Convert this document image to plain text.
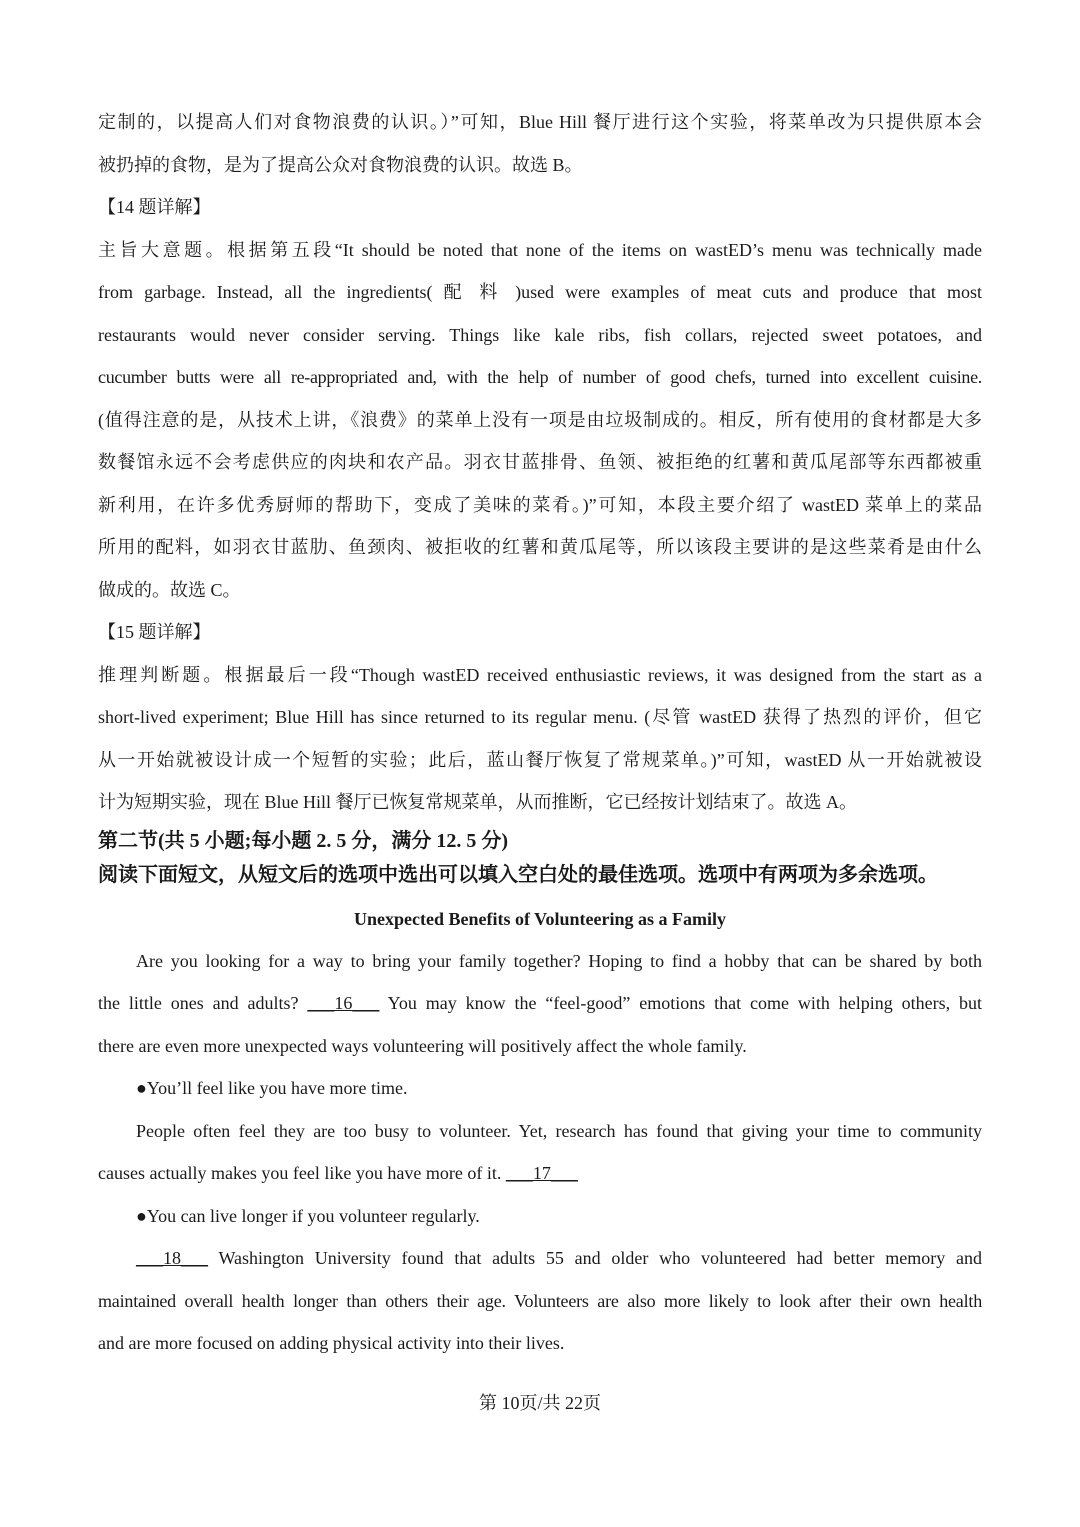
定制的，以提高人们对食物浪费的认识。）”可知，Blue Hill 餐厅进行这个实验，将菜单改为只提供原本会
被扔掉的食物，是为了提高公众对食物浪费的认识。故选 B。

【14 题详解】

主旨大意题。根据第五段“It should be noted that none of the items on wastED’s menu was technically made
from garbage. Instead, all the ingredients( 配 料 )used were examples of meat cuts and produce that most
restaurants would never consider serving. Things like kale ribs, fish collars, rejected sweet potatoes, and
cucumber butts were all re-appropriated and, with the help of number of good chefs, turned into excellent cuisine.
(值得注意的是，从技术上讲，《浪费》的菜单上没有一项是由垃圾制成的。相反，所有使用的食材都是大多
数餐馆永远不会考虑供应的肉块和农产品。羽衣甘蓝排骨、鱼领、被拒绝的红薯和黄瓜尾部等东西都被重
新利用，在许多优秀厨师的帮助下，变成了美味的菜肴。)”可知，本段主要介绍了 wastED 菜单上的菜品
所用的配料，如羽衣甘蓝肋、鱼颈肉、被拒收的红薯和黄瓜尾等，所以该段主要讲的是这些菜肴是由什么
做成的。故选 C。

【15 题详解】

推理判断题。根据最后一段“Though wastED received enthusiastic reviews, it was designed from the start as a
short-lived experiment; Blue Hill has since returned to its regular menu. (尽管 wastED 获得了热烈的评价，但它
从一开始就被设计成一个短暂的实验；此后，蓝山餐厅恢复了常规菜单。)”可知，wastED 从一开始就被设
计为短期实验，现在 Blue Hill 餐厅已恢复常规菜单，从而推断，它已经按计划结束了。故选 A。

第二节(共 5 小题;每小题 2. 5 分，满分 12. 5 分)

阅读下面短文，从短文后的选项中选出可以填入空白处的最佳选项。选项中有两项为多余选项。

Unexpected Benefits of Volunteering as a Family

Are you looking for a way to bring your family together? Hoping to find a hobby that can be shared by both
the little ones and adults? ___16___ You may know the “feel-good” emotions that come with helping others, but
there are even more unexpected ways volunteering will positively affect the whole family.

●You’ll feel like you have more time.

People often feel they are too busy to volunteer. Yet, research has found that giving your time to community
causes actually makes you feel like you have more of it. ___17___

●You can live longer if you volunteer regularly.

___18___ Washington University found that adults 55 and older who volunteered had better memory and
maintained overall health longer than others their age. Volunteers are also more likely to look after their own health
and are more focused on adding physical activity into their lives.

第 10页/共 22页
